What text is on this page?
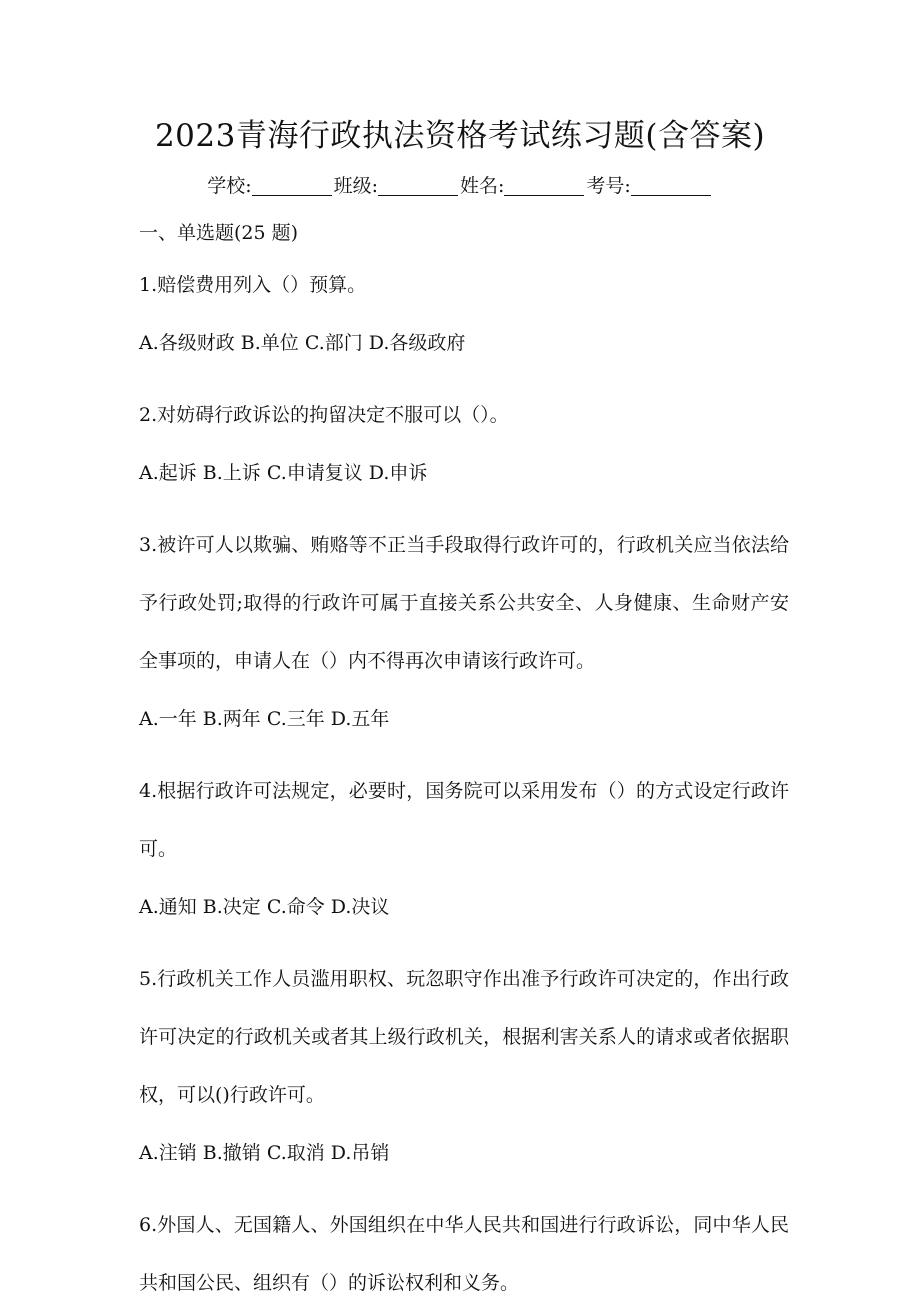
2023青海行政执法资格考试练习题(含答案)
学校:	班级:	姓名:	考号:
一、单选题(25 题)

1.赔偿费用列入（）预算。

A.各级财政 B.单位 C.部门 D.各级政府

2.对妨碍行政诉讼的拘留决定不服可以（）。

A.起诉 B.上诉 C.申请复议 D.申诉

3.被许可人以欺骗、贿赂等不正当手段取得行政许可的，行政机关应当依法给予行政处罚;取得的行政许可属于直接关系公共安全、人身健康、生命财产安全事项的，申请人在（）内不得再次申请该行政许可。

A.一年 B.两年 C.三年 D.五年

4.根据行政许可法规定，必要时，国务院可以采用发布（）的方式设定行政许可。

A.通知 B.决定 C.命令 D.决议

5.行政机关工作人员滥用职权、玩忽职守作出准予行政许可决定的，作出行政许可决定的行政机关或者其上级行政机关，根据利害关系人的请求或者依据职权，可以()行政许可。

A.注销 B.撤销 C.取消 D.吊销

6.外国人、无国籍人、外国组织在中华人民共和国进行行政诉讼，同中华人民共和国公民、组织有（）的诉讼权利和义务。
